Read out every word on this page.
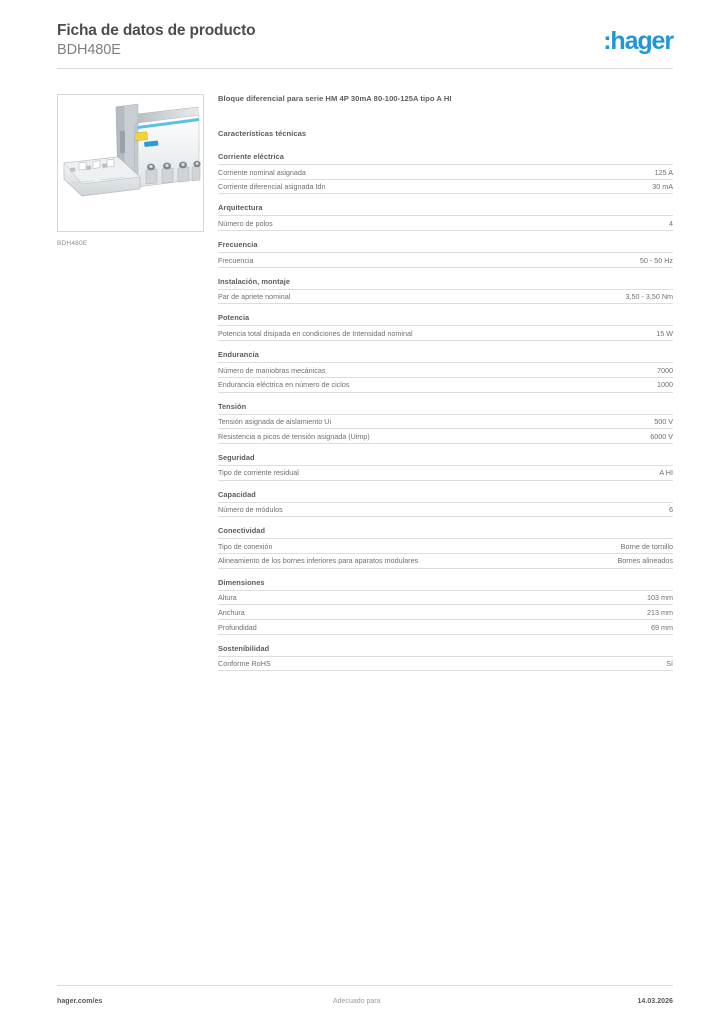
Ficha de datos de producto
BDH480E	:hager
BDH480E
Bloque diferencial para serie HM 4P 30mA 80-100-125A tipo A HI
Características técnicas
Corriente eléctrica
Corriente nominal asignada	125 A
Corriente diferencial asignada Idn	30 mA
Arquitectura
Número de polos	4
Frecuencia
Frecuencia	50 - 50 Hz
Instalación, montaje
Par de apriete nominal	3,50 - 3,50 Nm
Potencia
Potencia total disipada en condiciones de Intensidad nominal	15 W
Endurancia
Número de maniobras mecánicas	7000
Endurancia eléctrica en número de ciclos	1000
Tensión
Tensión asignada de aislamiento Ui	500 V
Resistencia a picos de tensión asignada (Uimp)	6000 V
Seguridad
Tipo de corriente residual	A HI
Capacidad
Número de módulos	6
Conectividad
Tipo de conexión	Borne de tornillo
Alineamiento de los bornes inferiores para aparatos modulares	Bornes alineados
Dimensiones
Altura	103 mm
Anchura	213 mm
Profundidad	69 mm
Sostenibilidad
Conforme RoHS	Sí
hager.com/es	Adecuado para	14.03.2026
